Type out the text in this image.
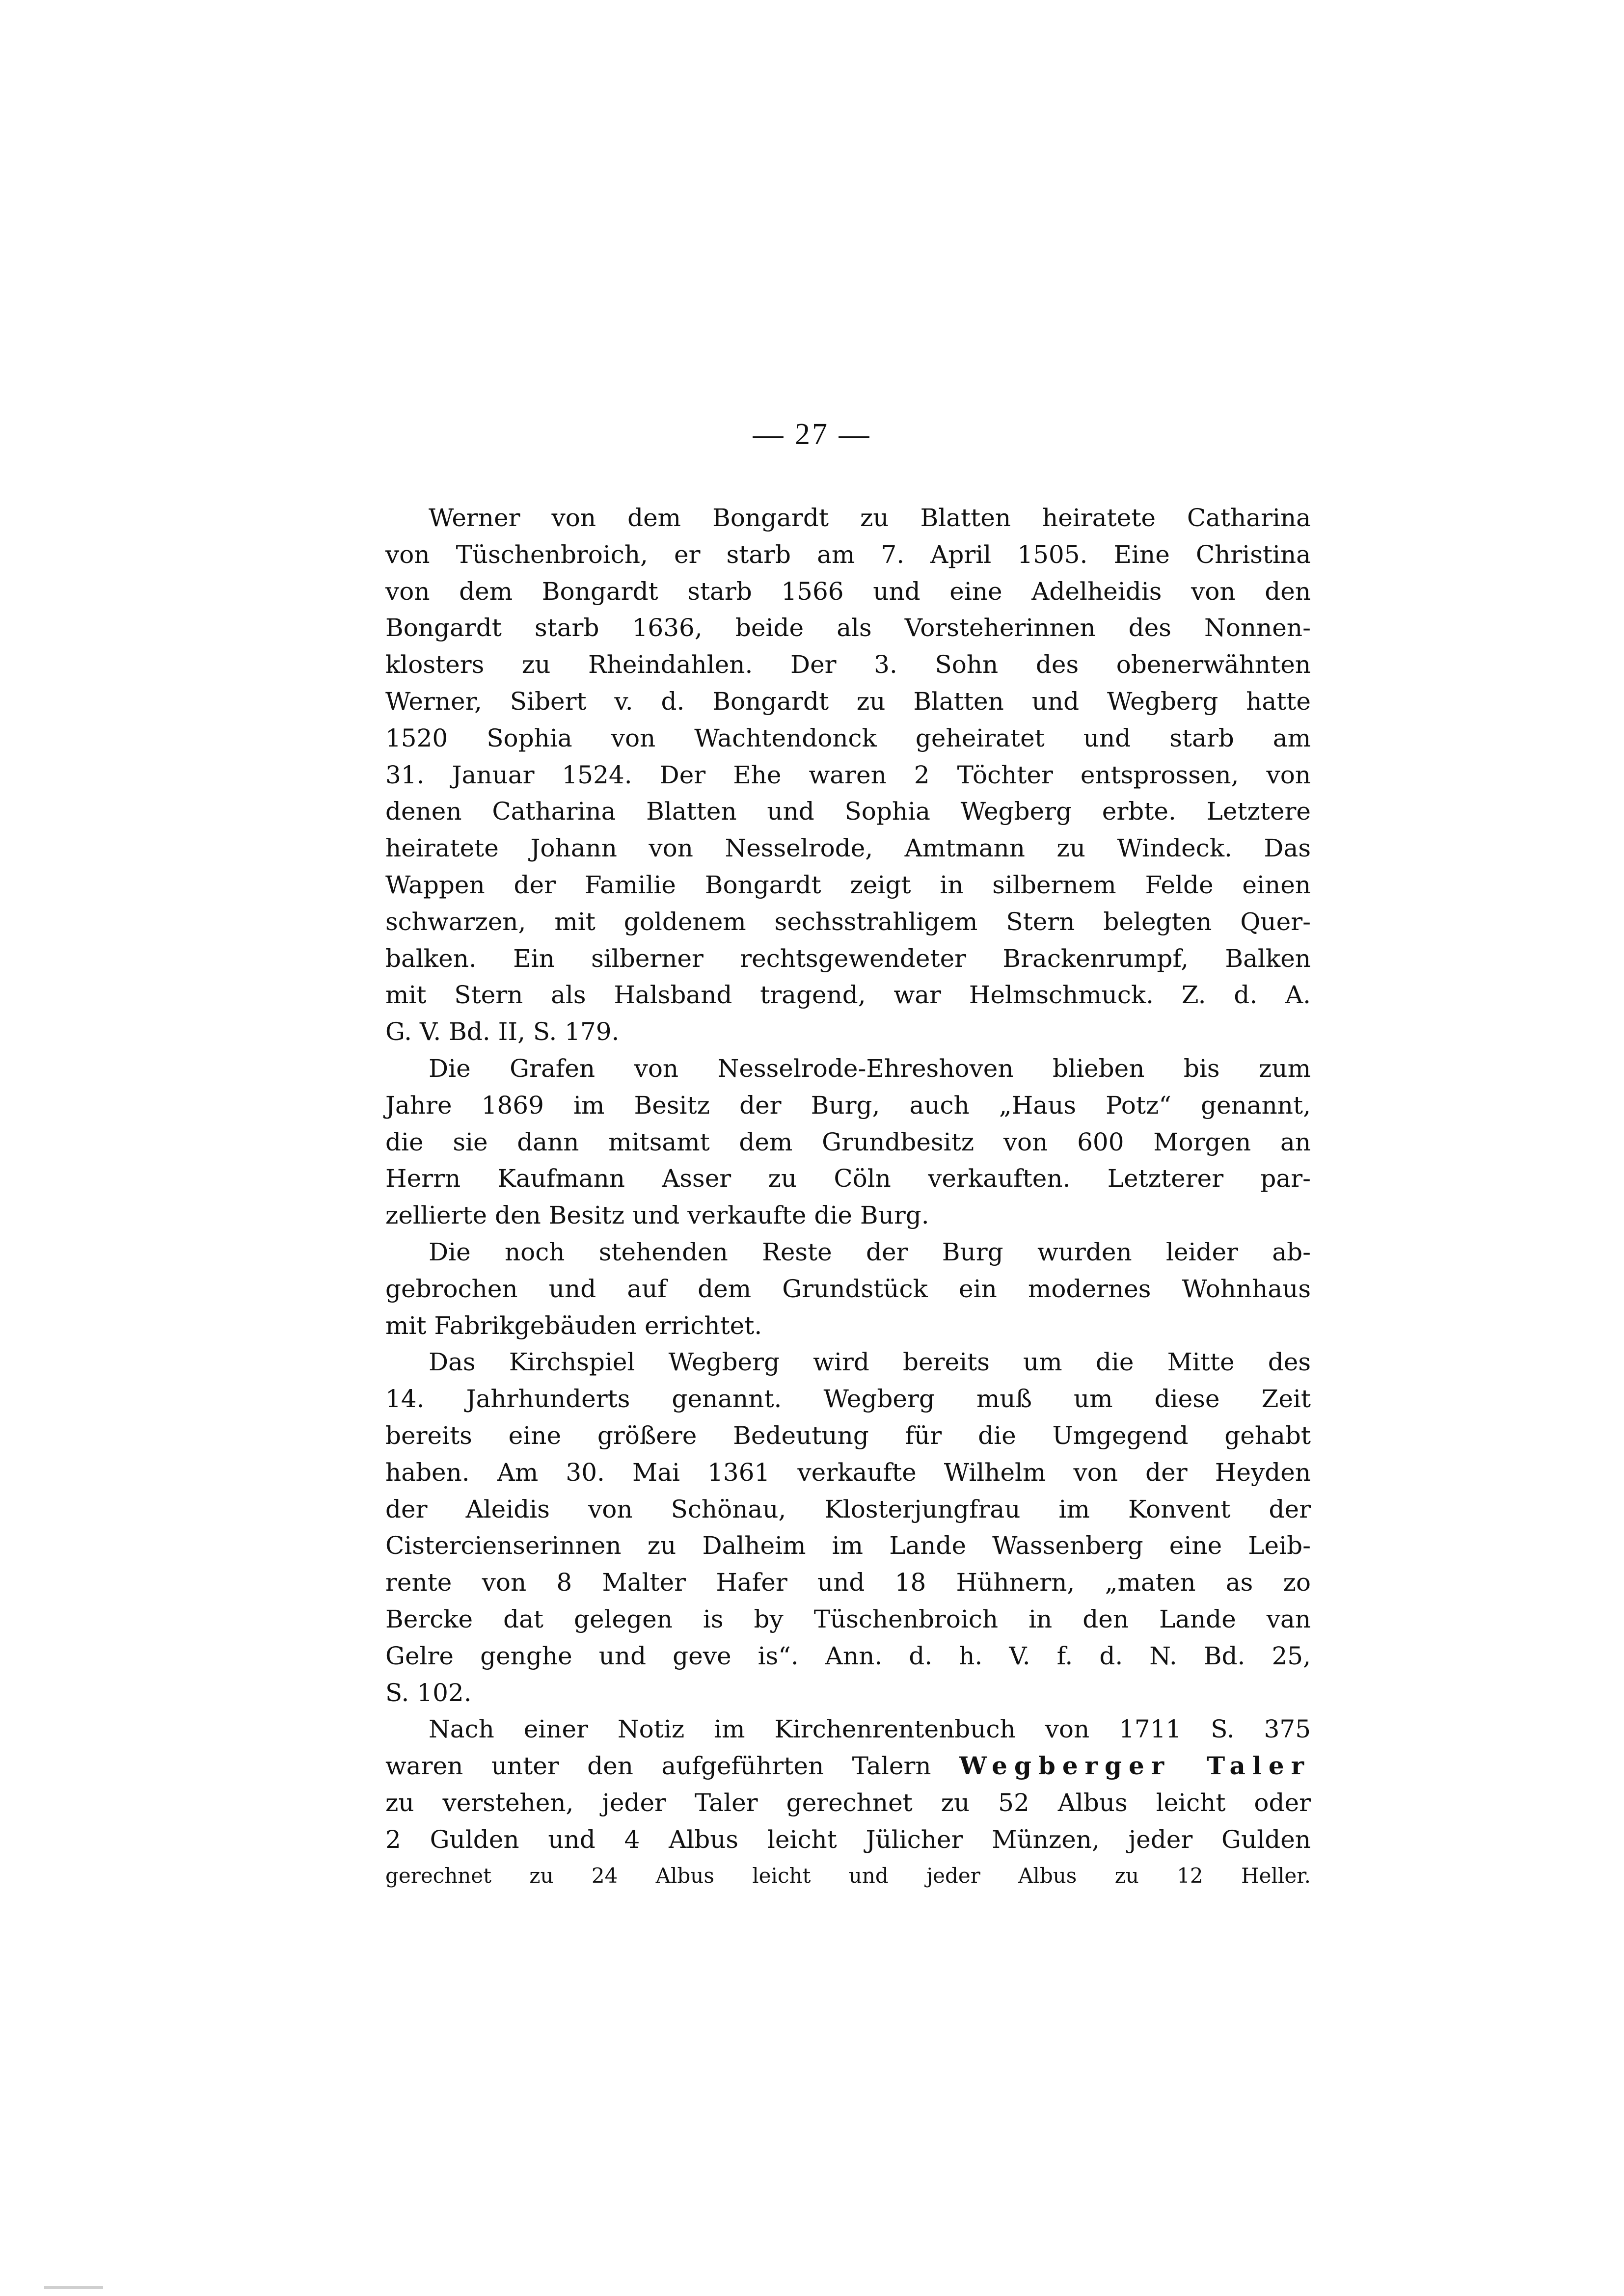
— 27 —
Werner von dem Bongardt zu Blatten heiratete Catharina
von Tüschenbroich, er starb am 7. April 1505. Eine Christina
von dem Bongardt starb 1566 und eine Adelheidis von den
Bongardt starb 1636, beide als Vorsteherinnen des Nonnen-
klosters zu Rheindahlen. Der 3. Sohn des obenerwähnten
Werner, Sibert v. d. Bongardt zu Blatten und Wegberg hatte
1520 Sophia von Wachtendonck geheiratet und starb am
31. Januar 1524. Der Ehe waren 2 Töchter entsprossen, von
denen Catharina Blatten und Sophia Wegberg erbte. Letztere
heiratete Johann von Nesselrode, Amtmann zu Windeck. Das
Wappen der Familie Bongardt zeigt in silbernem Felde einen
schwarzen, mit goldenem sechsstrahligem Stern belegten Quer-
balken. Ein silberner rechtsgewendeter Brackenrumpf, Balken
mit Stern als Halsband tragend, war Helmschmuck. Z. d. A.
G. V. Bd. II, S. 179.
Die Grafen von Nesselrode-Ehreshoven blieben bis zum
Jahre 1869 im Besitz der Burg, auch „Haus Potz“ genannt,
die sie dann mitsamt dem Grundbesitz von 600 Morgen an
Herrn Kaufmann Asser zu Cöln verkauften. Letzterer par-
zellierte den Besitz und verkaufte die Burg.
Die noch stehenden Reste der Burg wurden leider ab-
gebrochen und auf dem Grundstück ein modernes Wohnhaus
mit Fabrikgebäuden errichtet.
Das Kirchspiel Wegberg wird bereits um die Mitte des
14. Jahrhunderts genannt. Wegberg muß um diese Zeit
bereits eine größere Bedeutung für die Umgegend gehabt
haben. Am 30. Mai 1361 verkaufte Wilhelm von der Heyden
der Aleidis von Schönau, Klosterjungfrau im Konvent der
Cistercienserinnen zu Dalheim im Lande Wassenberg eine Leib-
rente von 8 Malter Hafer und 18 Hühnern, „maten as zo
Bercke dat gelegen is by Tüschenbroich in den Lande van
Gelre genghe und geve is“. Ann. d. h. V. f. d. N. Bd. 25,
S. 102.
Nach einer Notiz im Kirchenrentenbuch von 1711 S. 375
waren unter den aufgeführten Talern Wegberger Taler
zu verstehen, jeder Taler gerechnet zu 52 Albus leicht oder
2 Gulden und 4 Albus leicht Jülicher Münzen, jeder Gulden
gerechnet zu 24 Albus leicht und jeder Albus zu 12 Heller.
